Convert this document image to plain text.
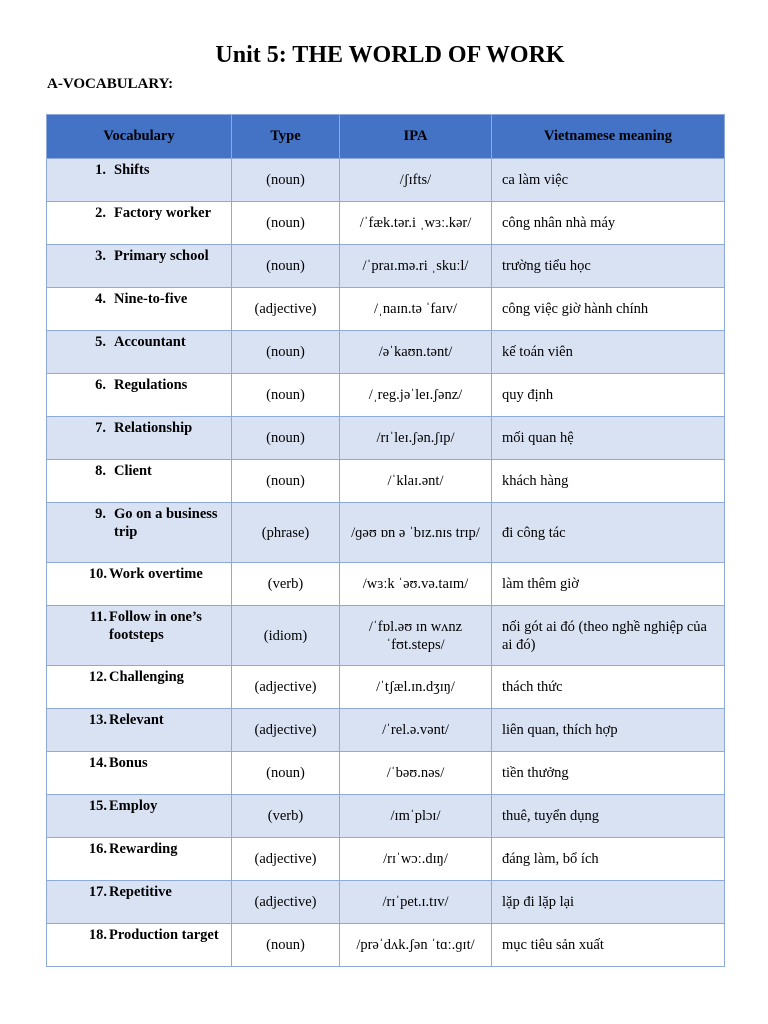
Unit 5: THE WORLD OF WORK
A-VOCABULARY:
Vocabulary	Type	IPA	Vietnamese meaning

1. Shifts	(noun)	/ʃɪfts/	ca làm việc

2. Factory worker	(noun)	/ˈfæk.tər.i ˌwɜː.kər/	công nhân nhà máy

3. Primary school	(noun)	/ˈpraɪ.mə.ri ˌskuːl/	trường tiểu học

4. Nine-to-five	(adjective)	/ˌnaɪn.tə ˈfaɪv/	công việc giờ hành chính

5. Accountant	(noun)	/əˈkaʊn.tənt/	kế toán viên

6. Regulations	(noun)	/ˌreg.jəˈleɪ.ʃənz/	quy định

7. Relationship	(noun)	/rɪˈleɪ.ʃən.ʃɪp/	mối quan hệ

8. Client	(noun)	/ˈklaɪ.ənt/	khách hàng

9. Go on a business trip	(phrase)	/ɡəʊ ɒn ə ˈbɪz.nɪs trɪp/	đi công tác

10. Work overtime	(verb)	/wɜːk ˈəʊ.və.taɪm/	làm thêm giờ

11. Follow in one’s footsteps	(idiom)	/ˈfɒl.əʊ ɪn wʌnz ˈfʊt.steps/	nối gót ai đó (theo nghề nghiệp của ai đó)

12. Challenging	(adjective)	/ˈtʃæl.ɪn.dʒɪŋ/	thách thức

13. Relevant	(adjective)	/ˈrel.ə.vənt/	liên quan, thích hợp

14. Bonus	(noun)	/ˈbəʊ.nəs/	tiền thưởng

15. Employ	(verb)	/ɪmˈplɔɪ/	thuê, tuyển dụng

16. Rewarding	(adjective)	/rɪˈwɔː.dɪŋ/	đáng làm, bổ ích

17. Repetitive	(adjective)	/rɪˈpet.ɪ.tɪv/	lặp đi lặp lại

18. Production target	(noun)	/prəˈdʌk.ʃən ˈtɑː.ɡɪt/	mục tiêu sản xuất
